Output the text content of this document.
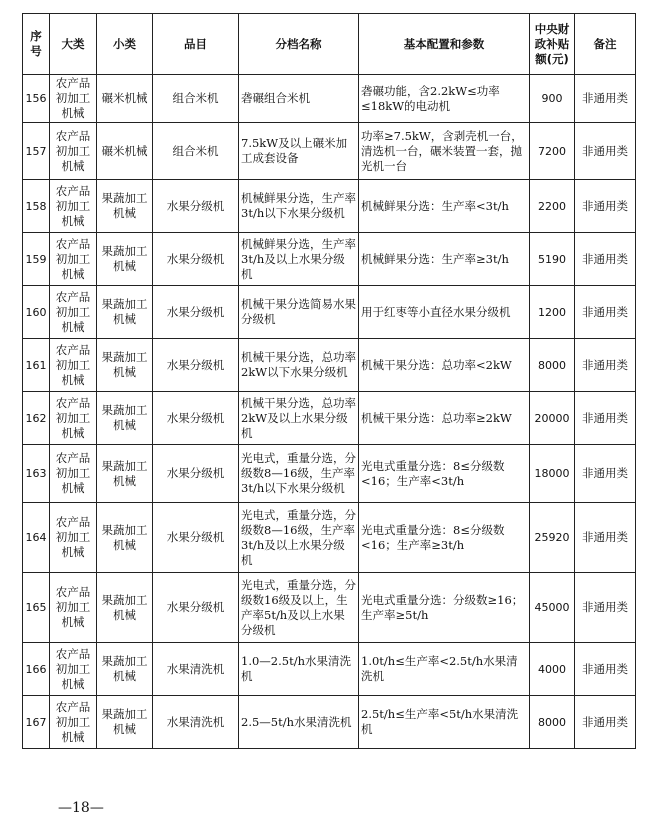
序号	大类	小类	品目	分档名称	基本配置和参数	中央财政补贴额(元)	备注
156	农产品初加工机械	碾米机械	组合米机	砻碾组合米机	砻碾功能，含2.2kW≤功率≤18kW的电动机	900	非通用类
157	农产品初加工机械	碾米机械	组合米机	7.5kW及以上碾米加工成套设备	功率≥7.5kW，含剥壳机一台，清选机一台，碾米装置一套，抛光机一台	7200	非通用类
158	农产品初加工机械	果蔬加工机械	水果分级机	机械鲜果分选，生产率3t/h以下水果分级机	机械鲜果分选：生产率<3t/h	2200	非通用类
159	农产品初加工机械	果蔬加工机械	水果分级机	机械鲜果分选，生产率3t/h及以上水果分级机	机械鲜果分选：生产率≥3t/h	5190	非通用类
160	农产品初加工机械	果蔬加工机械	水果分级机	机械干果分选简易水果分级机	用于红枣等小直径水果分级机	1200	非通用类
161	农产品初加工机械	果蔬加工机械	水果分级机	机械干果分选，总功率2kW以下水果分级机	机械干果分选：总功率<2kW	8000	非通用类
162	农产品初加工机械	果蔬加工机械	水果分级机	机械干果分选，总功率2kW及以上水果分级机	机械干果分选：总功率≥2kW	20000	非通用类
163	农产品初加工机械	果蔬加工机械	水果分级机	光电式，重量分选，分级数8—16级，生产率3t/h以下水果分级机	光电式重量分选：8≤分级数<16；生产率<3t/h	18000	非通用类
164	农产品初加工机械	果蔬加工机械	水果分级机	光电式，重量分选，分级数8—16级，生产率3t/h及以上水果分级机	光电式重量分选：8≤分级数<16；生产率≥3t/h	25920	非通用类
165	农产品初加工机械	果蔬加工机械	水果分级机	光电式，重量分选，分级数16级及以上，生产率5t/h及以上水果分级机	光电式重量分选：分级数≥16；生产率≥5t/h	45000	非通用类
166	农产品初加工机械	果蔬加工机械	水果清洗机	1.0—2.5t/h水果清洗机	1.0t/h≤生产率<2.5t/h水果清洗机	4000	非通用类
167	农产品初加工机械	果蔬加工机械	水果清洗机	2.5—5t/h水果清洗机	2.5t/h≤生产率<5t/h水果清洗机	8000	非通用类
—18—
